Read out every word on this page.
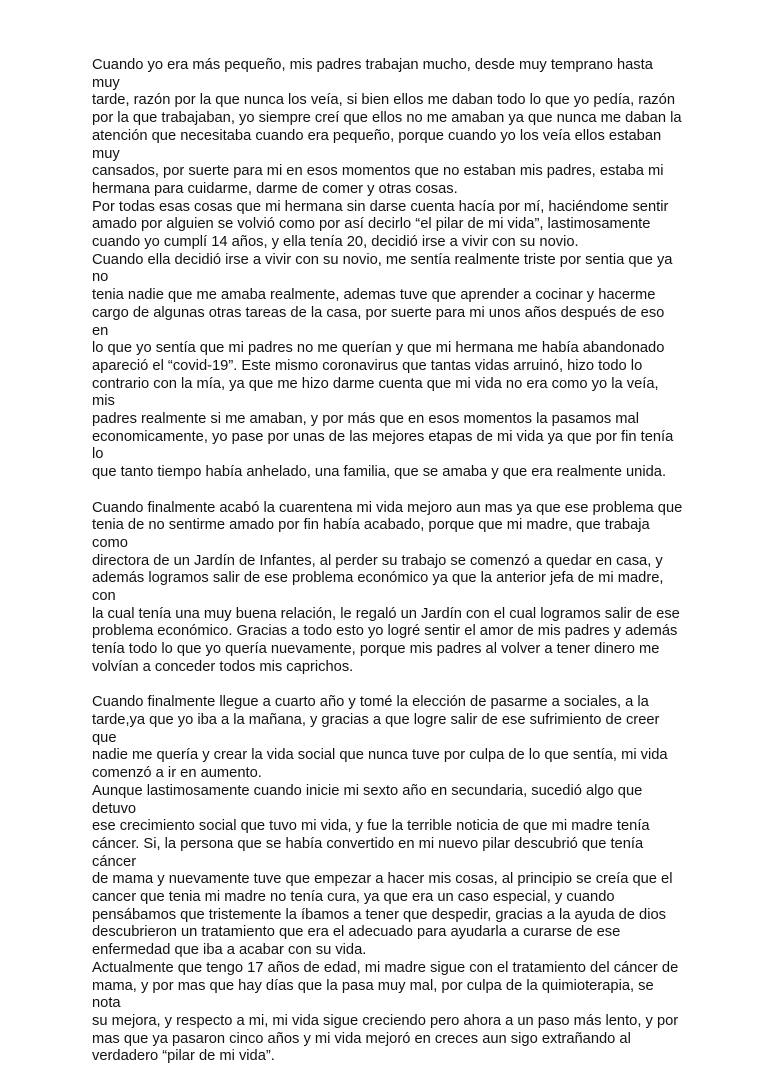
Cuando yo era más pequeño, mis padres trabajan mucho, desde muy temprano hasta muy
tarde, razón por la que nunca los veía, si bien ellos me daban todo lo que yo pedía, razón
por la que trabajaban, yo siempre creí que ellos no me amaban ya que nunca me daban la
atención que necesitaba cuando era pequeño, porque cuando yo los veía ellos estaban muy
cansados, por suerte para mi en esos momentos que no estaban mis padres, estaba mi
hermana para cuidarme, darme de comer y otras cosas.

Por todas esas cosas que mi hermana sin darse cuenta hacía por mí, haciéndome sentir
amado por alguien se volvió como por así decirlo “el pilar de mi vida”, lastimosamente
cuando yo cumplí 14 años, y ella tenía 20, decidió irse a vivir con su novio.

Cuando ella decidió irse a vivir con su novio, me sentía realmente triste por sentia que ya no
tenia nadie que me amaba realmente, ademas tuve que aprender a cocinar y hacerme
cargo de algunas otras tareas de la casa, por suerte para mi unos años después de eso en
lo que yo sentía que mi padres no me querían y que mi hermana me había abandonado
apareció el “covid-19”. Este mismo coronavirus que tantas vidas arruinó, hizo todo lo
contrario con la mía, ya que me hizo darme cuenta que mi vida no era como yo la veía, mis
padres realmente si me amaban, y por más que en esos momentos la pasamos mal
economicamente, yo pase por unas de las mejores etapas de mi vida ya que por fin tenía lo
que tanto tiempo había anhelado, una familia, que se amaba y que era realmente unida.

Cuando finalmente acabó la cuarentena mi vida mejoro aun mas ya que ese problema que
tenia de no sentirme amado por fin había acabado, porque que mi madre, que trabaja como
directora de un Jardín de Infantes, al perder su trabajo se comenzó a quedar en casa, y
además logramos salir de ese problema económico ya que la anterior jefa de mi madre, con
la cual tenía una muy buena relación, le regaló un Jardín con el cual logramos salir de ese
problema económico. Gracias a todo esto yo logré sentir el amor de mis padres y además
tenía todo lo que yo quería nuevamente, porque mis padres al volver a tener dinero me
volvían a conceder todos mis caprichos.

Cuando finalmente llegue a cuarto año y tomé la elección de pasarme a sociales, a la
tarde,ya que yo iba a la mañana, y gracias a que logre salir de ese sufrimiento de creer que
nadie me quería y crear la vida social que nunca tuve por culpa de lo que sentía, mi vida
comenzó a ir en aumento.

Aunque lastimosamente cuando inicie mi sexto año en secundaria, sucedió algo que detuvo
ese crecimiento social que tuvo mi vida, y fue la terrible noticia de que mi madre tenía
cáncer. Si, la persona que se había convertido en mi nuevo pilar descubrió que tenía cáncer
de mama y nuevamente tuve que empezar a hacer mis cosas, al principio se creía que el
cancer que tenia mi madre no tenía cura, ya que era un caso especial, y cuando
pensábamos que tristemente la íbamos a tener que despedir, gracias a la ayuda de dios
descubrieron un tratamiento que era el adecuado para ayudarla a curarse de ese
enfermedad que iba a acabar con su vida.

Actualmente que tengo 17 años de edad, mi madre sigue con el tratamiento del cáncer de
mama, y por mas que hay días que la pasa muy mal, por culpa de la quimioterapia, se nota
su mejora, y respecto a mi, mi vida sigue creciendo pero ahora a un paso más lento, y por
mas que ya pasaron cinco años y mi vida mejoró en creces aun sigo extrañando al
verdadero “pilar de mi vida”.
